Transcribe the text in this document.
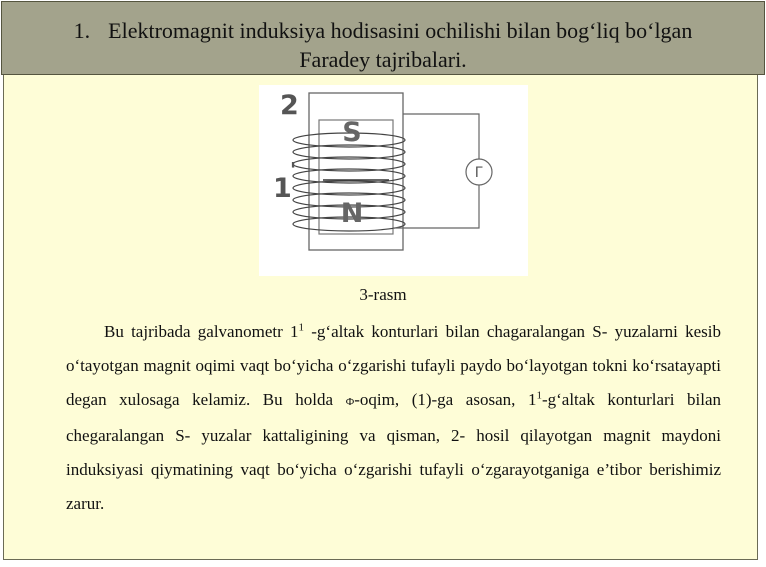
1. Elektromagnit induksiya hodisasini ochilishi bilan bog‘liq bo‘lgan
Faradey tajribalari.
Г
2
1
'
S
N
3-rasm

Bu tajribada galvanometr $1^1$ -g‘altak konturlari bilan chagaralangan S- yuzalarni kesib o‘tayotgan magnit oqimi vaqt bo‘yicha o‘zgarishi tufayli paydo bo‘layotgan tokni ko‘rsatayapti degan xulosaga kelamiz. Bu holda Ф-oqim, (1)-ga asosan, $1^1-g‘altak$ konturlari bilan chegaralangan S- yuzalar kattaligining va qisman, 2- hosil qilayotgan magnit maydoni induksiyasi qiymatining vaqt bo‘yicha o‘zgarishi tufayli o‘zgarayotganiga e’tibor berishimiz zarur.
